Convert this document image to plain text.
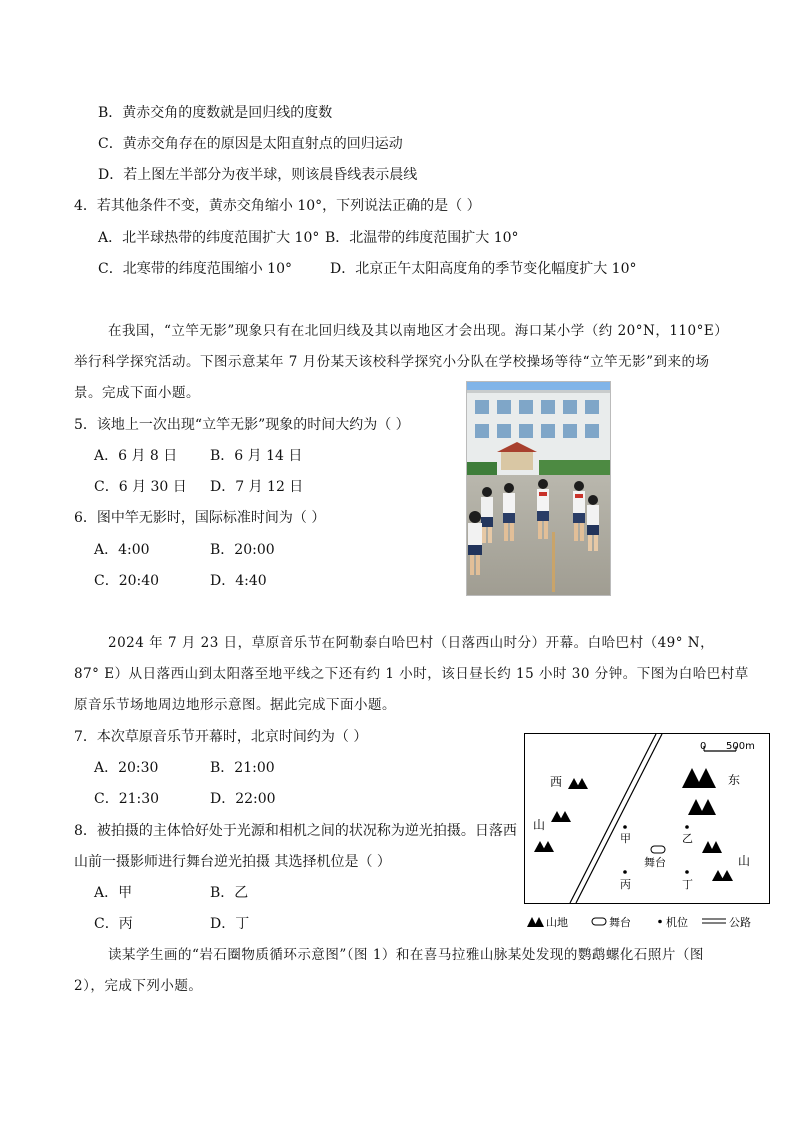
B．黄赤交角的度数就是回归线的度数
C．黄赤交角存在的原因是太阳直射点的回归运动
D．若上图左半部分为夜半球，则该晨昏线表示晨线
4．若其他条件不变，黄赤交角缩小 10°，下列说法正确的是（ ）
A．北半球热带的纬度范围扩大 10° B．北温带的纬度范围扩大 10°
C．北寒带的纬度范围缩小 10°	D．北京正午太阳高度角的季节变化幅度扩大 10°
在我国，“立竿无影”现象只有在北回归线及其以南地区才会出现。海口某小学（约 20°N，110°E）
举行科学探究活动。下图示意某年 7 月份某天该校科学探究小分队在学校操场等待“立竿无影”到来的场
景。完成下面小题。
5．该地上一次出现“立竿无影”现象的时间大约为（ ）
A．6 月 8 日 B．6 月 14 日
C．6 月 30 日 D．7 月 12 日
6．图中竿无影时，国际标准时间为（ ）
A．4:00	B．20:00
C．20:40	D．4:40
2024 年 7 月 23 日，草原音乐节在阿勒泰白哈巴村（日落西山时分）开幕。白哈巴村（49° N，
87° E）从日落西山到太阳落至地平线之下还有约 1 小时，该日昼长约 15 小时 30 分钟。下图为白哈巴村草
原音乐节场地周边地形示意图。据此完成下面小题。
7．本次草原音乐节开幕时，北京时间约为（ ）
A．20:30	B．21:00
C．21:30	D．22:00
8．被拍摄的主体恰好处于光源和相机之间的状况称为逆光拍摄。日落西
山前一摄影师进行舞台逆光拍摄 其选择机位是（ ）
A．甲	B．乙
C．丙	D．丁
0 500m
西
山
东
山
甲	乙
丙	丁
舞台
山地	舞台	机位	公路
读某学生画的“岩石圈物质循环示意图”（图 1）和在喜马拉雅山脉某处发现的鹦鹉螺化石照片（图
2），完成下列小题。
